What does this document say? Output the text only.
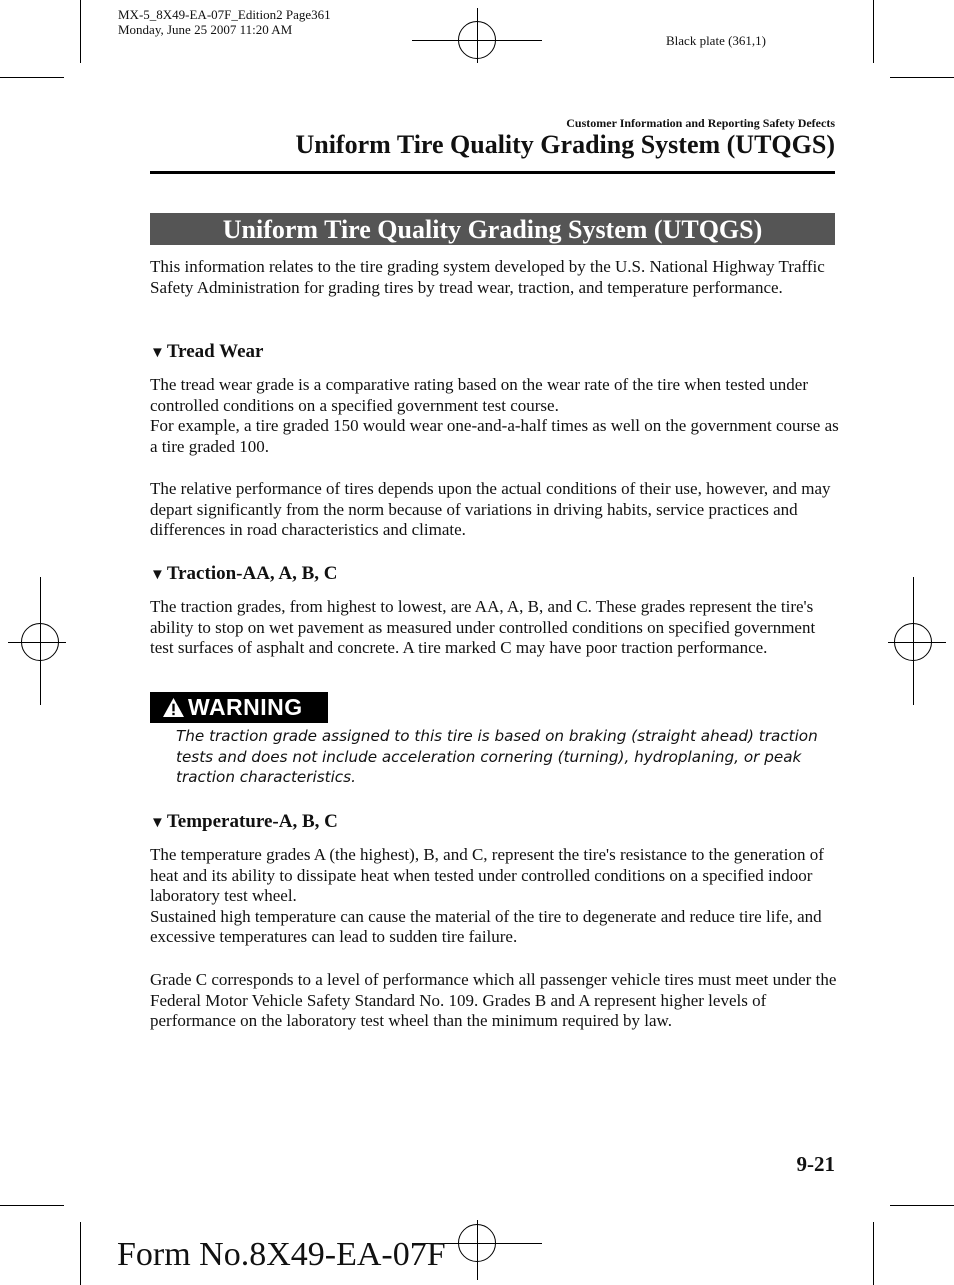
MX-5_8X49-EA-07F_Edition2 Page361
Monday, June 25 2007 11:20 AM
Black plate (361,1)
Customer Information and Reporting Safety Defects
Uniform Tire Quality Grading System (UTQGS)
Uniform Tire Quality Grading System (UTQGS)
This information relates to the tire grading system developed by the U.S. National Highway Traffic Safety Administration for grading tires by tread wear, traction, and temperature performance.
▼ Tread Wear

The tread wear grade is a comparative rating based on the wear rate of the tire when tested under controlled conditions on a specified government test course.

For example, a tire graded 150 would wear one-and-a-half times as well on the government course as a tire graded 100.

The relative performance of tires depends upon the actual conditions of their use, however, and may depart significantly from the norm because of variations in driving habits, service practices and differences in road characteristics and climate.
▼ Traction-AA, A, B, C
The traction grades, from highest to lowest, are AA, A, B, and C. These grades represent the tire's ability to stop on wet pavement as measured under controlled conditions on specified government test surfaces of asphalt and concrete. A tire marked C may have poor traction performance.
WARNING
The traction grade assigned to this tire is based on braking (straight ahead) traction tests and does not include acceleration cornering (turning), hydroplaning, or peak traction characteristics.
▼ Temperature-A, B, C

The temperature grades A (the highest), B, and C, represent the tire's resistance to the generation of heat and its ability to dissipate heat when tested under controlled conditions on a specified indoor laboratory test wheel.

Sustained high temperature can cause the material of the tire to degenerate and reduce tire life, and excessive temperatures can lead to sudden tire failure.

Grade C corresponds to a level of performance which all passenger vehicle tires must meet under the Federal Motor Vehicle Safety Standard No. 109. Grades B and A represent higher levels of performance on the laboratory test wheel than the minimum required by law.
9-21
Form No.8X49-EA-07F
